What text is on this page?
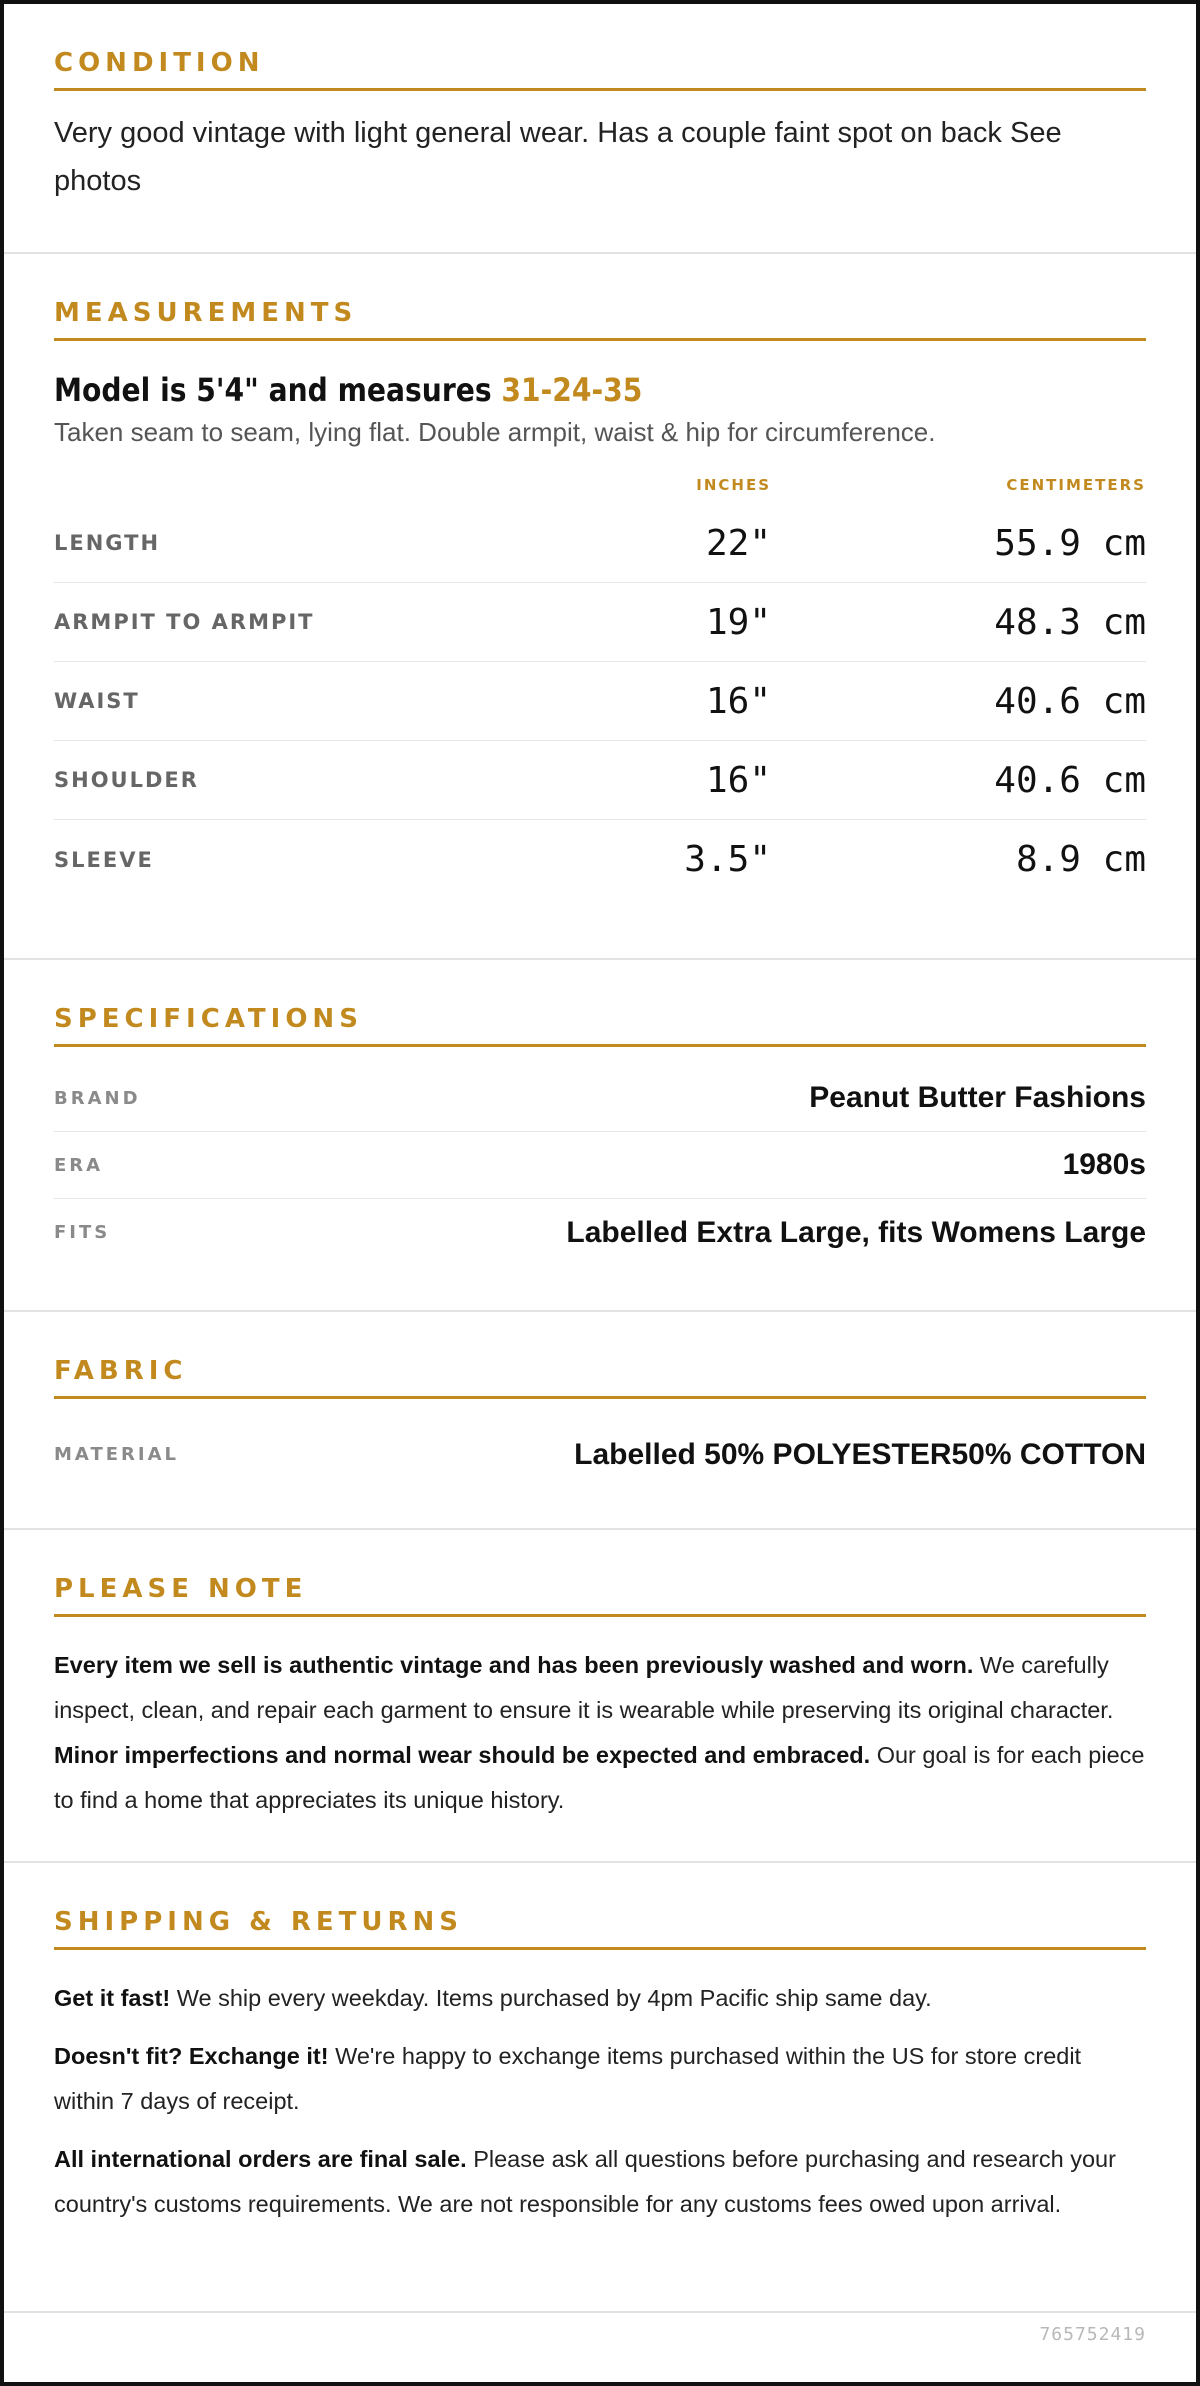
CONDITION

Very good vintage with light general wear. Has a couple faint spot on back See photos

MEASUREMENTS
Model is 5'4" and measures 31-24-35
Taken seam to seam, lying flat. Double armpit, waist & hip for circumference.
INCHES	CENTIMETERS
LENGTH	22"	55.9 cm
ARMPIT TO ARMPIT	19"	48.3 cm
WAIST	16"	40.6 cm
SHOULDER	16"	40.6 cm
SLEEVE	3.5"	8.9 cm
SPECIFICATIONS
BRAND	Peanut Butter Fashions
ERA	1980s
FITS	Labelled Extra Large, fits Womens Large
FABRIC
MATERIAL	Labelled 50% POLYESTER50% COTTON
PLEASE NOTE

Every item we sell is authentic vintage and has been previously washed and worn. We carefully inspect, clean, and repair each garment to ensure it is wearable while preserving its original character. Minor imperfections and normal wear should be expected and embraced. Our goal is for each piece to find a home that appreciates its unique history.

SHIPPING & RETURNS

Get it fast! We ship every weekday. Items purchased by 4pm Pacific ship same day.

Doesn't fit? Exchange it! We're happy to exchange items purchased within the US for store credit within 7 days of receipt.

All international orders are final sale. Please ask all questions before purchasing and research your country's customs requirements. We are not responsible for any customs fees owed upon arrival.

765752419
